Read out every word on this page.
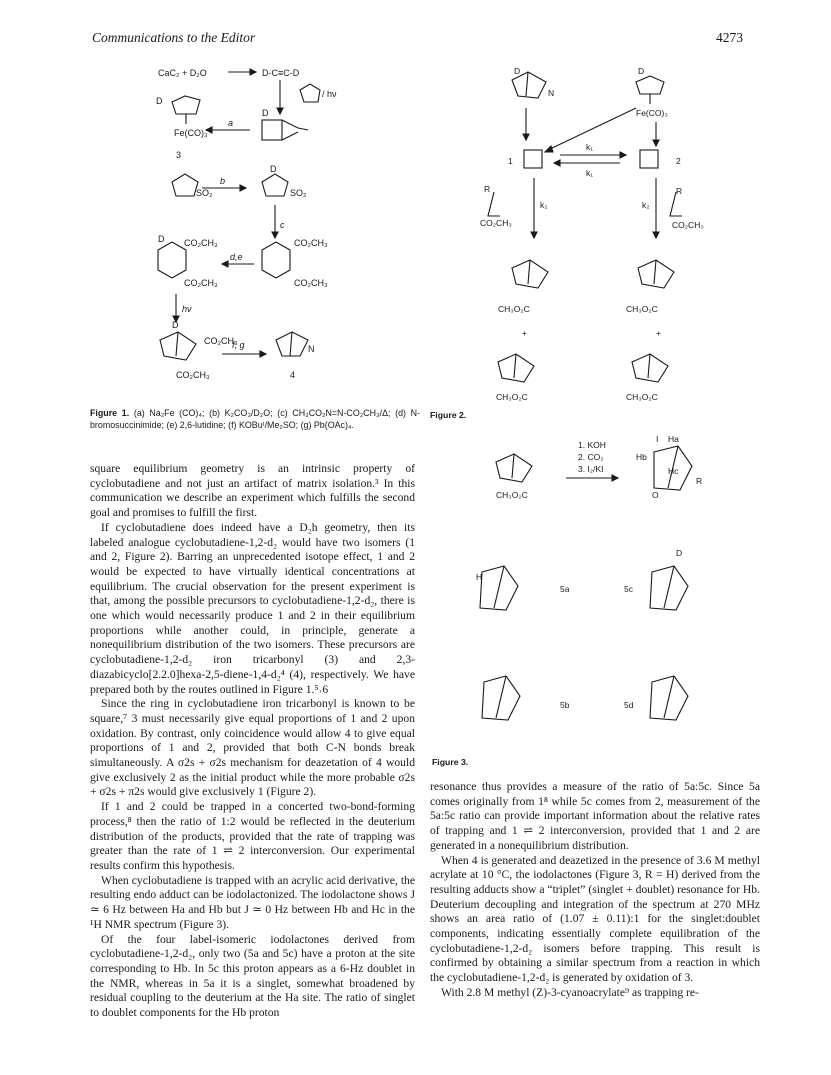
Communications to the Editor	4273
CaC₂ + D₂O	D-C≡C-D
/ hν
a
Fe(CO)₃
3
b
SO₂	SO₂
c
CO₂CH₃
CO₂CH₃
CO₂CH₃
CO₂CH₃
d,e
hν
CO₂CH₃
CO₂CH₃
f, g
4
N
D
D
D
D
D
Fe(CO)₃
k₁
k₁
1	2
k₂	k₂
R	R
CO₂CH₃	CO₂CH₃
CH₃O₂C	CH₃O₂C
+	+
CH₃O₂C	CH₃O₂C
D	D
N
1. KOH
2. CO₂
3. I₂/KI
CH₃O₂C
5a	5c
5b	5d
I Ha
Hb
Hc
R
O
D
H
Figure 1. (a) Na₂Fe (CO)₄; (b) K₂CO₃/D₂O; (c) CH₃CO₂N=N-CO₂CH₃/Δ; (d) N-bromosuccinimide; (e) 2,6-lutidine; (f) KOBuᵗ/Me₂SO; (g) Pb(OAc)₄.
Figure 2.
Figure 3.

square equilibrium geometry is an intrinsic property of cyclobutadiene and not just an artifact of matrix isolation.³ In this communication we describe an experiment which fulfills the second goal and promises to fulfill the first.

If cyclobutadiene does indeed have a D₂h geometry, then its labeled analogue cyclobutadiene-1,2-d₂ would have two isomers (1 and 2, Figure 2). Barring an unprecedented isotope effect, 1 and 2 would be expected to have virtually identical concentrations at equilibrium. The crucial observation for the present experiment is that, among the possible precursors to cyclobutadiene-1,2-d₂, there is one which would necessarily produce 1 and 2 in their equilibrium proportions while another could, in principle, generate a nonequilibrium distribution of the two isomers. These precursors are cyclobutadiene-1,2-d₂ iron tricarbonyl (3) and 2,3-diazabicyclo[2.2.0]hexa-2,5-diene-1,4-d₂⁴ (4), respectively. We have prepared both by the routes outlined in Figure 1.⁵˒6

Since the ring in cyclobutadiene iron tricarbonyl is known to be square,⁷ 3 must necessarily give equal proportions of 1 and 2 upon oxidation. By contrast, only coincidence would allow 4 to give equal proportions of 1 and 2, provided that both C-N bonds break simultaneously. A σ2s + σ2s mechanism for deazetation of 4 would give exclusively 2 as the initial product while the more probable σ2s + σ2s + π2s would give exclusively 1 (Figure 2).

If 1 and 2 could be trapped in a concerted two-bond-forming process,⁸ then the ratio of 1:2 would be reflected in the deuterium distribution of the products, provided that the rate of trapping was greater than the rate of 1 ⇌ 2 interconversion. Our experimental results confirm this hypothesis.

When cyclobutadiene is trapped with an acrylic acid derivative, the resulting endo adduct can be iodolactonized. The iodolactone shows J ≃ 6 Hz between Ha and Hb but J ≃ 0 Hz between Hb and Hc in the ¹H NMR spectrum (Figure 3).

Of the four label-isomeric iodolactones derived from cyclobutadiene-1,2-d₂, only two (5a and 5c) have a proton at the site corresponding to Hb. In 5c this proton appears as a 6-Hz doublet in the NMR, whereas in 5a it is a singlet, somewhat broadened by residual coupling to the deuterium at the Ha site. The ratio of singlet to doublet components for the Hb proton

resonance thus provides a measure of the ratio of 5a:5c. Since 5a comes originally from 1⁸ while 5c comes from 2, measurement of the 5a:5c ratio can provide important information about the relative rates of trapping and 1 ⇌ 2 interconversion, provided that 1 and 2 are generated in a nonequilibrium distribution.

When 4 is generated and deazetized in the presence of 3.6 M methyl acrylate at 10 °C, the iodolactones (Figure 3, R = H) derived from the resulting adducts show a “triplet” (singlet + doublet) resonance for Hb. Deuterium decoupling and integration of the spectrum at 270 MHz shows an area ratio of (1.07 ± 0.11):1 for the singlet:doublet components, indicating essentially complete equilibration of the cyclobutadiene-1,2-d₂ isomers before trapping. This result is confirmed by obtaining a similar spectrum from a reaction in which the cyclobutadiene-1,2-d₂ is generated by oxidation of 3.

With 2.8 M methyl (Z)-3-cyanoacrylate⁹ as trapping re-
